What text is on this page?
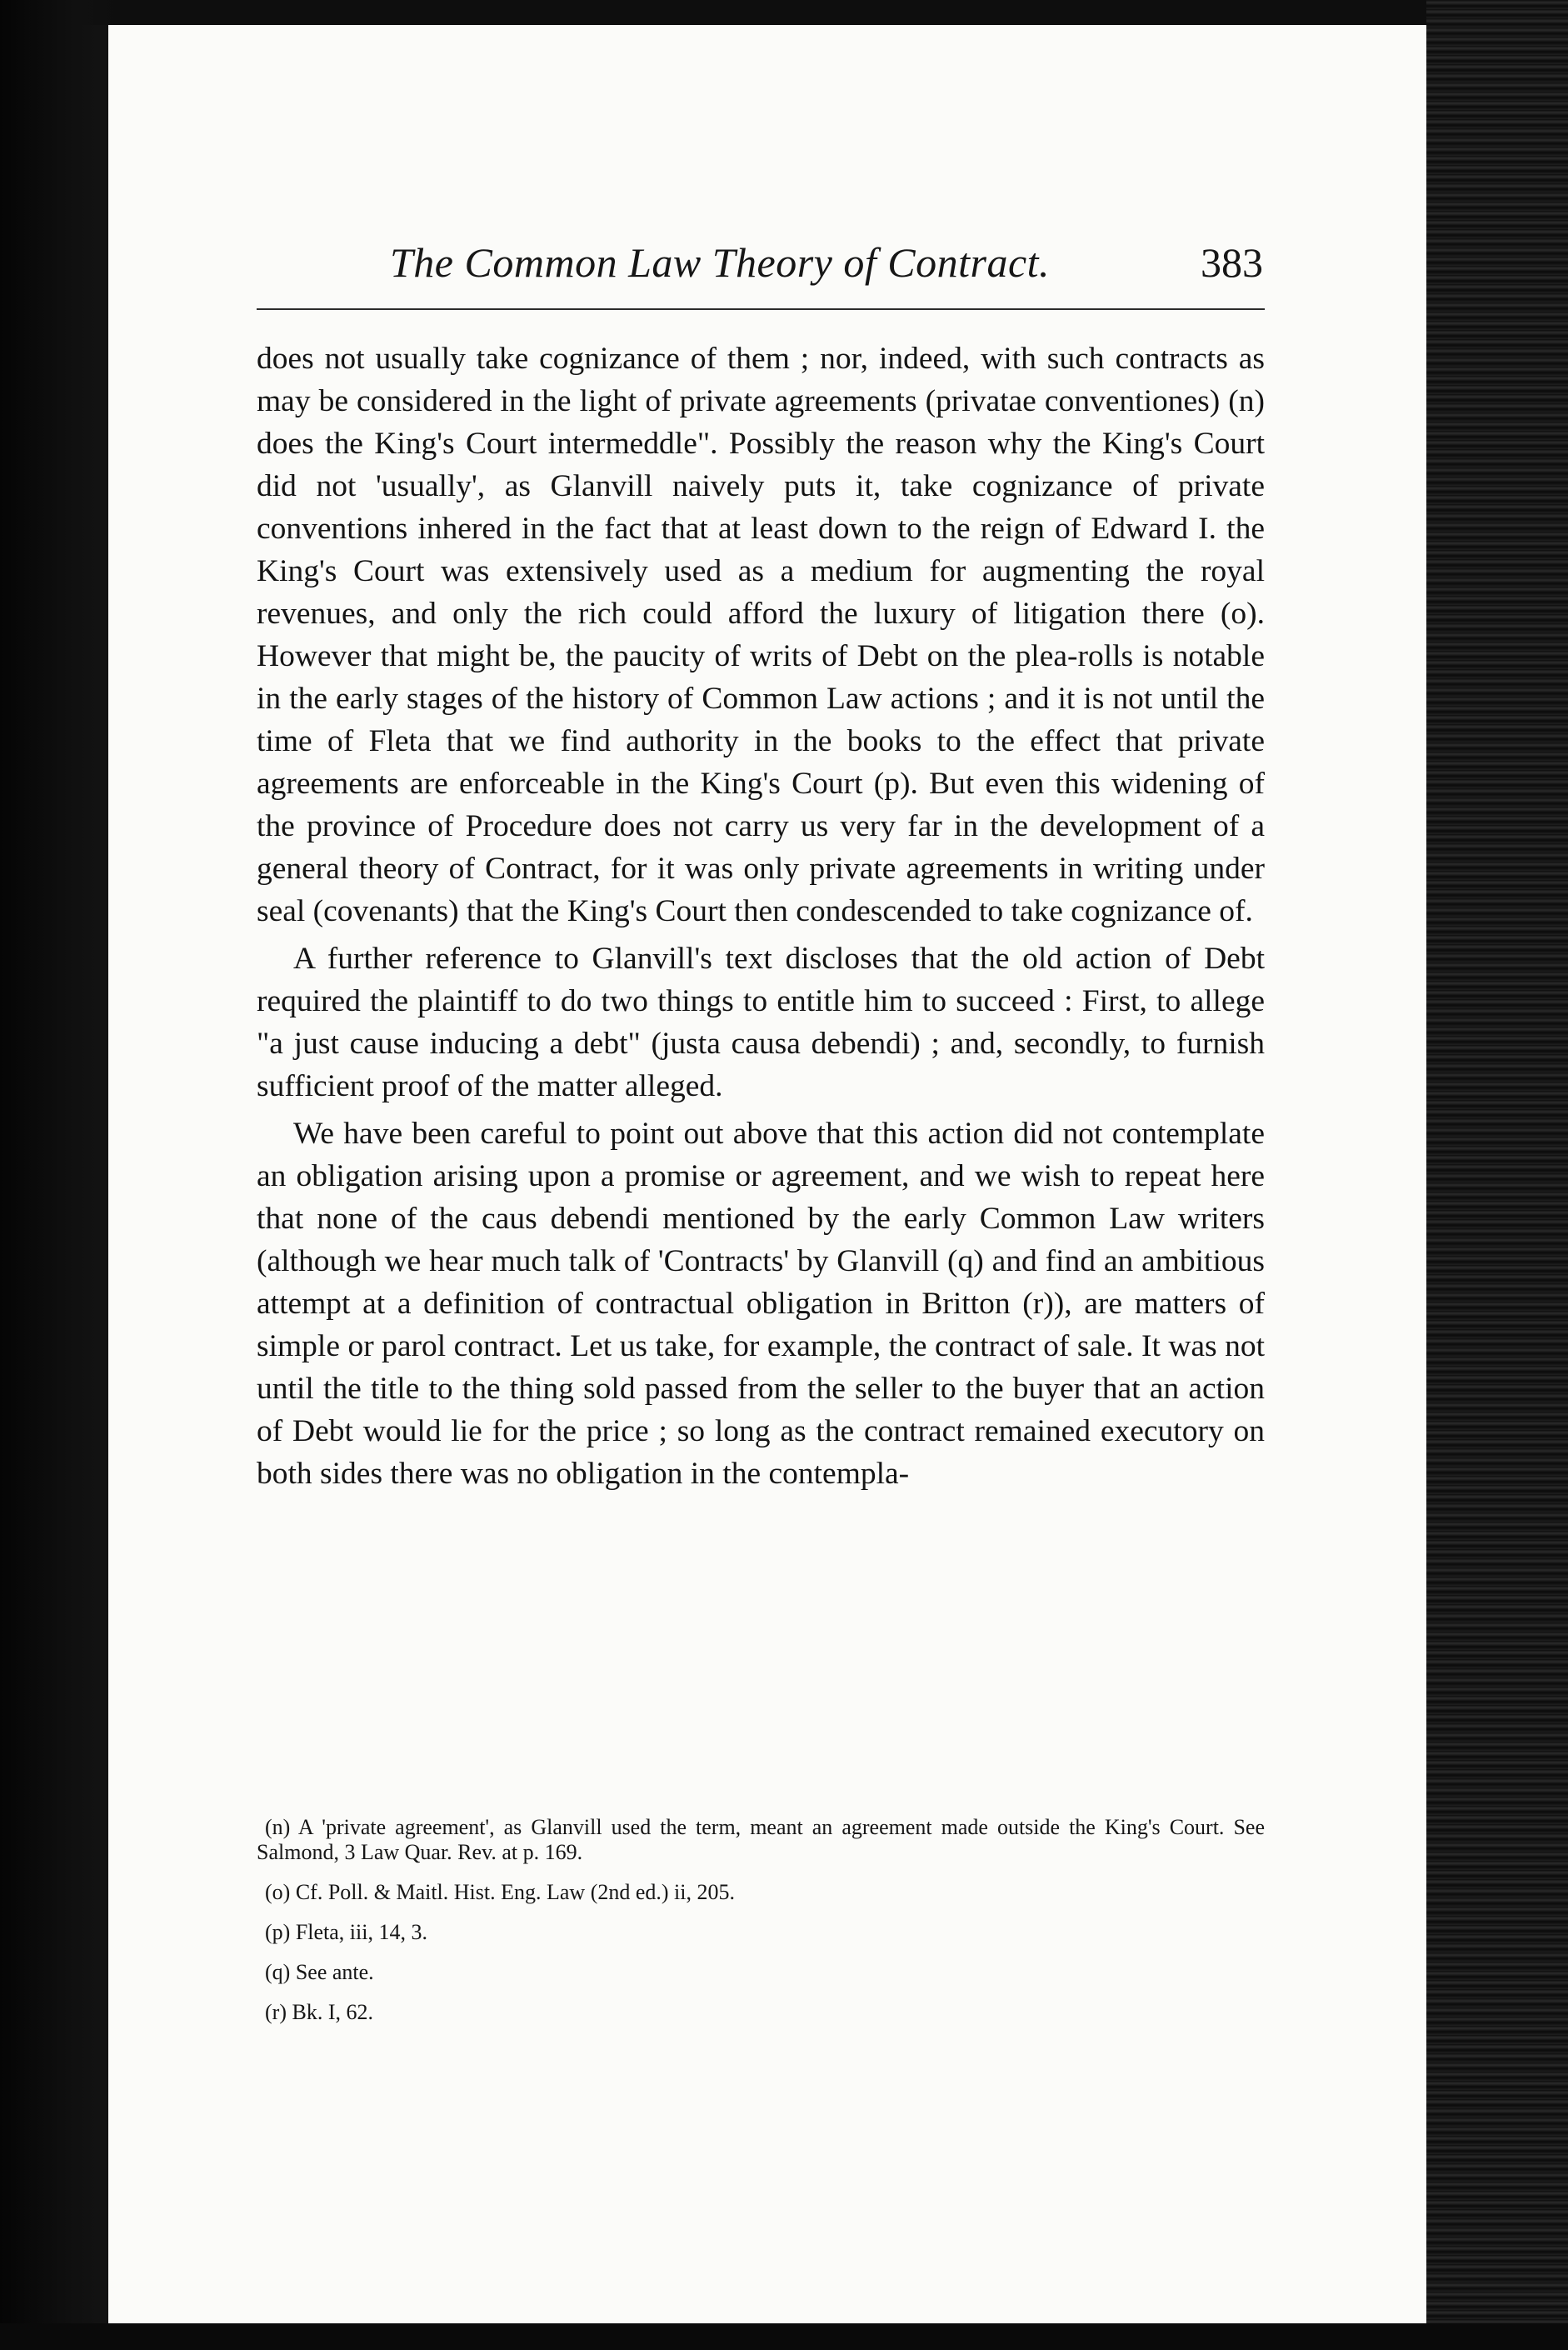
The Common Law Theory of Contract.	383

does not usually take cognizance of them ; nor, indeed, with such contracts as may be considered in the light of private agreements (privatae conventiones) (n) does the King's Court intermeddle". Possibly the reason why the King's Court did not 'usually', as Glanvill naively puts it, take cognizance of private conventions inhered in the fact that at least down to the reign of Edward I. the King's Court was extensively used as a medium for augmenting the royal revenues, and only the rich could afford the luxury of litigation there (o). However that might be, the paucity of writs of Debt on the plea-rolls is notable in the early stages of the history of Common Law actions ; and it is not until the time of Fleta that we find authority in the books to the effect that private agreements are enforceable in the King's Court (p). But even this widening of the province of Procedure does not carry us very far in the development of a general theory of Contract, for it was only private agreements in writing under seal (covenants) that the King's Court then condescended to take cognizance of.

A further reference to Glanvill's text discloses that the old action of Debt required the plaintiff to do two things to entitle him to succeed : First, to allege "a just cause inducing a debt" (justa causa debendi) ; and, secondly, to furnish sufficient proof of the matter alleged.

We have been careful to point out above that this action did not contemplate an obligation arising upon a promise or agreement, and we wish to repeat here that none of the caus debendi mentioned by the early Common Law writers (although we hear much talk of 'Contracts' by Glanvill (q) and find an ambitious attempt at a definition of contractual obligation in Britton (r)), are matters of simple or parol contract. Let us take, for example, the contract of sale. It was not until the title to the thing sold passed from the seller to the buyer that an action of Debt would lie for the price ; so long as the contract remained executory on both sides there was no obligation in the contempla-

(n) A 'private agreement', as Glanvill used the term, meant an agreement made outside the King's Court. See Salmond, 3 Law Quar. Rev. at p. 169.

(o) Cf. Poll. & Maitl. Hist. Eng. Law (2nd ed.) ii, 205.

(p) Fleta, iii, 14, 3.

(q) See ante.

(r) Bk. I, 62.
